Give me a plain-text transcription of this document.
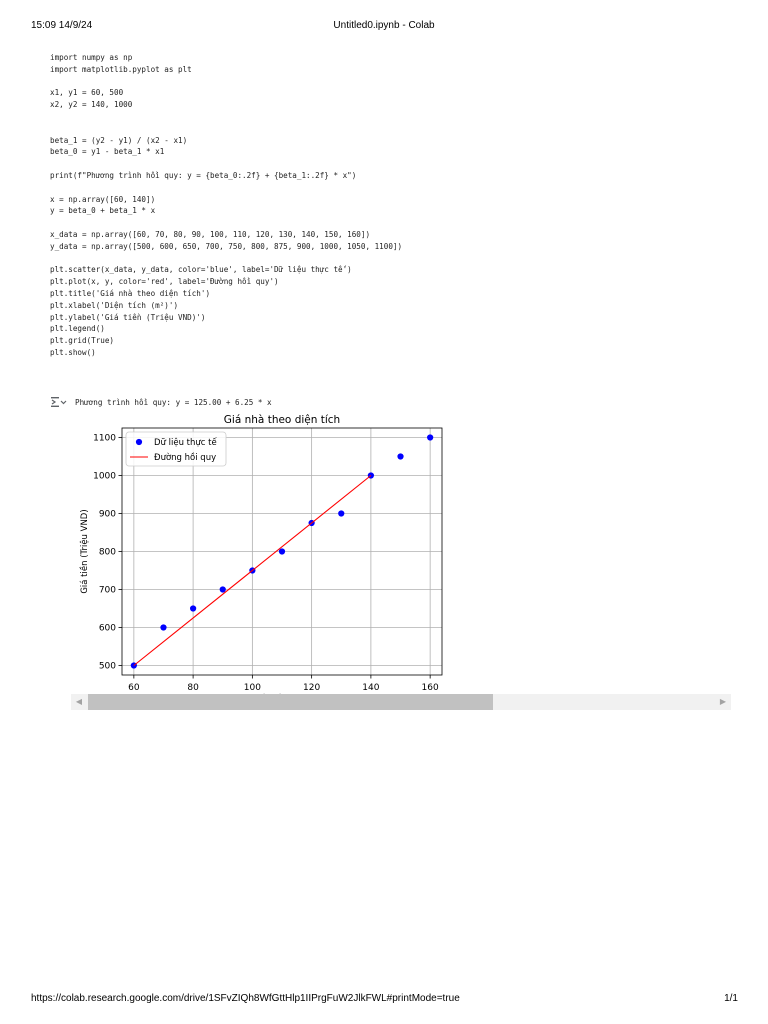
15:09 14/9/24	Untitled0.ipynb - Colab
import numpy as np
import matplotlib.pyplot as plt
x1, y1 = 60, 500
x2, y2 = 140, 1000
beta_1 = (y2 - y1) / (x2 - x1)
beta_0 = y1 - beta_1 * x1
print(f"Phương trình hồi quy: y = {beta_0:.2f} + {beta_1:.2f} * x")
x = np.array([60, 140])
y = beta_0 + beta_1 * x
x_data = np.array([60, 70, 80, 90, 100, 110, 120, 130, 140, 150, 160])
y_data = np.array([500, 600, 650, 700, 750, 800, 875, 900, 1000, 1050, 1100])
plt.scatter(x_data, y_data, color='blue', label='Dữ liệu thực tế')
plt.plot(x, y, color='red', label='Đường hồi quy')
plt.title('Giá nhà theo diện tích')
plt.xlabel('Diện tích (m²)')
plt.ylabel('Giá tiền (Triệu VND)')
plt.legend()
plt.grid(True)
plt.show()
Phương trình hồi quy: y = 125.00 + 6.25 * x
60	80	100	120	140	160
500
600
700
800
900
1000
1100
Giá nhà theo diện tích
Giá tiền (Triệu VND)
Dữ liệu thực tế
Đường hồi quy
◀	▶
https://colab.research.google.com/drive/1SFvZIQh8WfGttHlp1IIPrgFuW2JlkFWL#printMode=true	1/1
